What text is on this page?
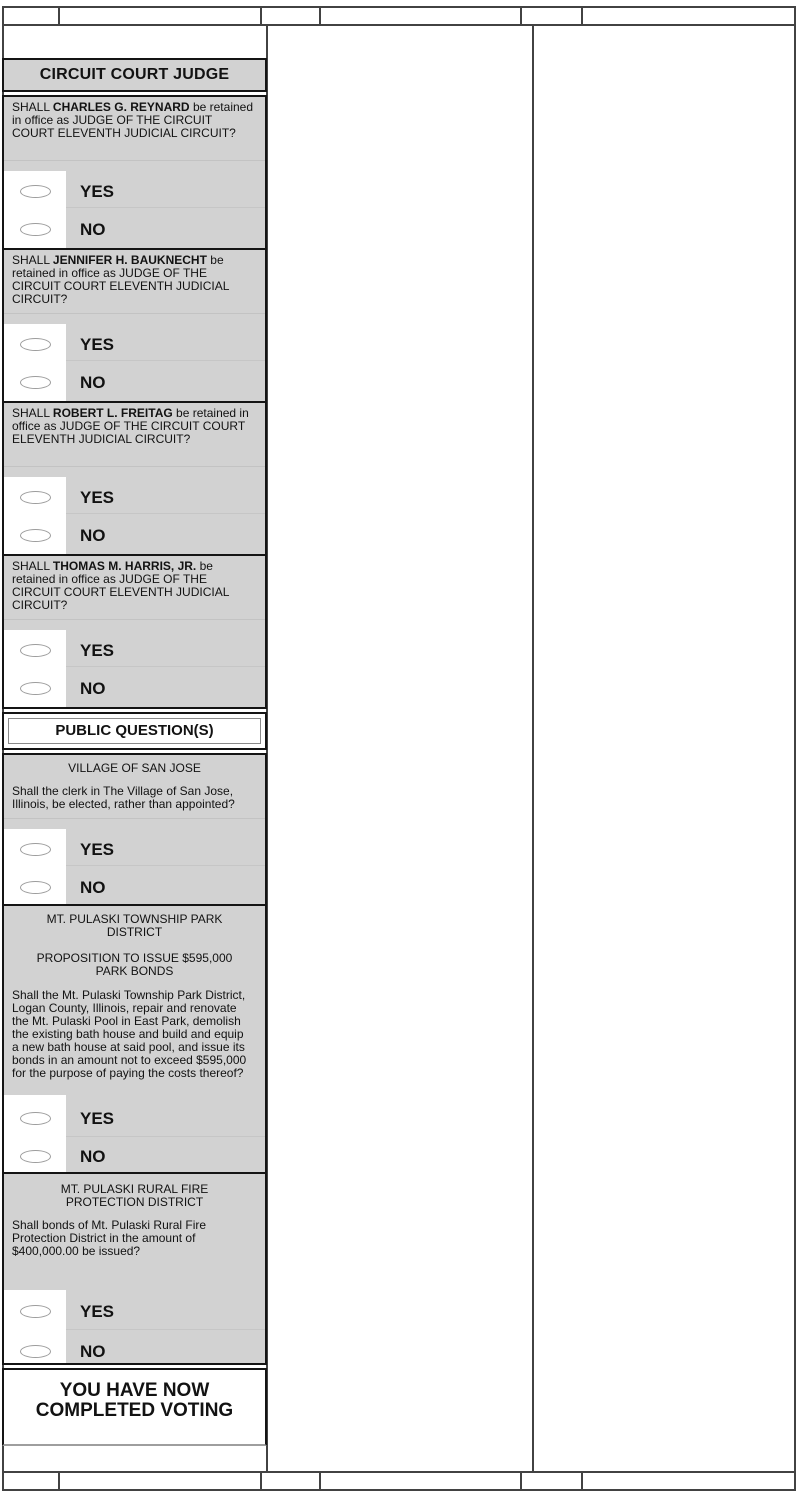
CIRCUIT COURT JUDGE
SHALL CHARLES G. REYNARD be retained in office as JUDGE OF THE CIRCUIT COURT ELEVENTH JUDICIAL CIRCUIT?
YES
NO
SHALL JENNIFER H. BAUKNECHT be retained in office as JUDGE OF THE CIRCUIT COURT ELEVENTH JUDICIAL CIRCUIT?
YES
NO
SHALL ROBERT L. FREITAG be retained in office as JUDGE OF THE CIRCUIT COURT ELEVENTH JUDICIAL CIRCUIT?
YES
NO
SHALL THOMAS M. HARRIS, JR. be retained in office as JUDGE OF THE CIRCUIT COURT ELEVENTH JUDICIAL CIRCUIT?
YES
NO
PUBLIC QUESTION(S)
VILLAGE OF SAN JOSE
Shall the clerk in The Village of San Jose, Illinois, be elected, rather than appointed?
YES
NO
MT. PULASKI TOWNSHIP PARK DISTRICT
PROPOSITION TO ISSUE $595,000 PARK BONDS
Shall the Mt. Pulaski Township Park District, Logan County, Illinois, repair and renovate the Mt. Pulaski Pool in East Park, demolish the existing bath house and build and equip a new bath house at said pool, and issue its bonds in an amount not to exceed $595,000 for the purpose of paying the costs thereof?
YES
NO
MT. PULASKI RURAL FIRE PROTECTION DISTRICT
Shall bonds of Mt. Pulaski Rural Fire Protection District in the amount of $400,000.00 be issued?
YES
NO
YOU HAVE NOW
COMPLETED VOTING
